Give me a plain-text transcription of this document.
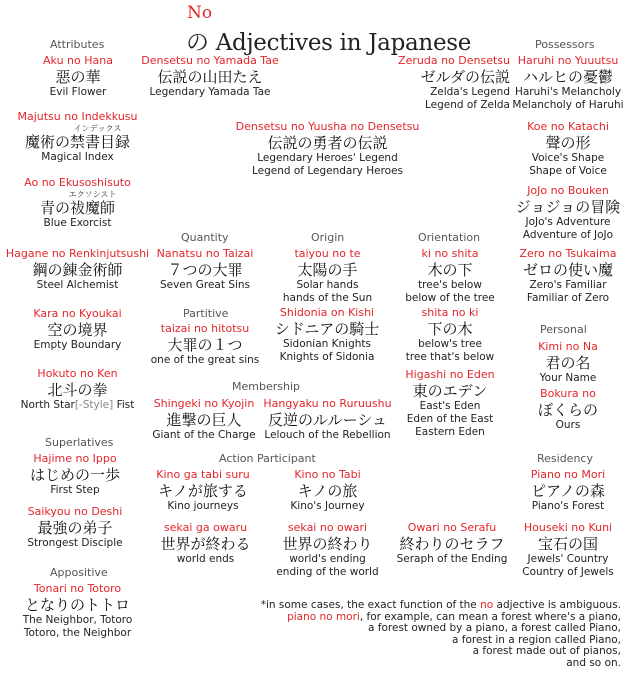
No
の Adjectives in Japanese
Attributes	Possessors
Quantity	Origin	Orientation
Partitive
Personal
Membership
Superlatives
Action Participant	Residency
Appositive
Aku no Hana
惡の華
Evil Flower
Densetsu no Yamada Tae
伝説の山田たえ
Legendary Yamada Tae
Zeruda no Densetsu
ゼルダの伝説
Zelda's Legend
Legend of Zelda
Haruhi no Yuuutsu
ハルヒの憂鬱
Haruhi's Melancholy
Melancholy of Haruhi
Majutsu no Indekkusu
インデックス
魔術の禁書目録
Magical Index
Densetsu no Yuusha no Densetsu
伝説の勇者の伝説
Legendary Heroes' Legend
Legend of Legendary Heroes
Koe no Katachi
聲の形
Voice's Shape
Shape of Voice
Ao no Ekusoshisuto
エクソシスト
青の祓魔師
Blue Exorcist
JoJo no Bouken
ジョジョの冒険
JoJo's Adventure
Adventure of JoJo
Hagane no Renkinjutsushi
鋼の錬金術師
Steel Alchemist
Nanatsu no Taizai
７つの大罪
Seven Great Sins
taiyou no te
太陽の手
Solar hands
hands of the Sun
ki no shita
木の下
tree's below
below of the tree
Zero no Tsukaima
ゼロの使い魔
Zero's Familiar
Familiar of Zero
Kara no Kyoukai
空の境界
Empty Boundary
taizai no hitotsu
大罪の１つ
one of the great sins
Shidonia on Kishi
シドニアの騎士
Sidonian Knights
Knights of Sidonia
shita no ki
下の木
below's tree
tree that's below
Kimi no Na
君の名
Your Name
Hokuto no Ken
北斗の拳
North Star[-Style] Fist
Higashi no Eden
東のエデン
East's Eden
Eden of the East
Eastern Eden
Bokura no
ぼくらの
Ours
Shingeki no Kyojin
進撃の巨人
Giant of the Charge
Hangyaku no Ruruushu
反逆のルルーシュ
Lelouch of the Rebellion
Hajime no Ippo
はじめの一歩
First Step
Saikyou no Deshi
最強の弟子
Strongest Disciple
Kino ga tabi suru
キノが旅する
Kino journeys
Kino no Tabi
キノの旅
Kino's Journey
Piano no Mori
ピアノの森
Piano's Forest
sekai ga owaru
世界が終わる
world ends
sekai no owari
世界の終わり
world's ending
ending of the world
Owari no Serafu
終わりのセラフ
Seraph of the Ending
Houseki no Kuni
宝石の国
Jewels' Country
Country of Jewels
Tonari no Totoro
となりのトトロ
The Neighbor, Totoro
Totoro, the Neighbor
*in some cases, the exact function of the no adjective is ambiguous.
piano no mori, for example, can mean a forest where's a piano,
a forest owned by a piano, a forest called Piano,
a forest in a region called Piano,
a forest made out of pianos,
and so on.
